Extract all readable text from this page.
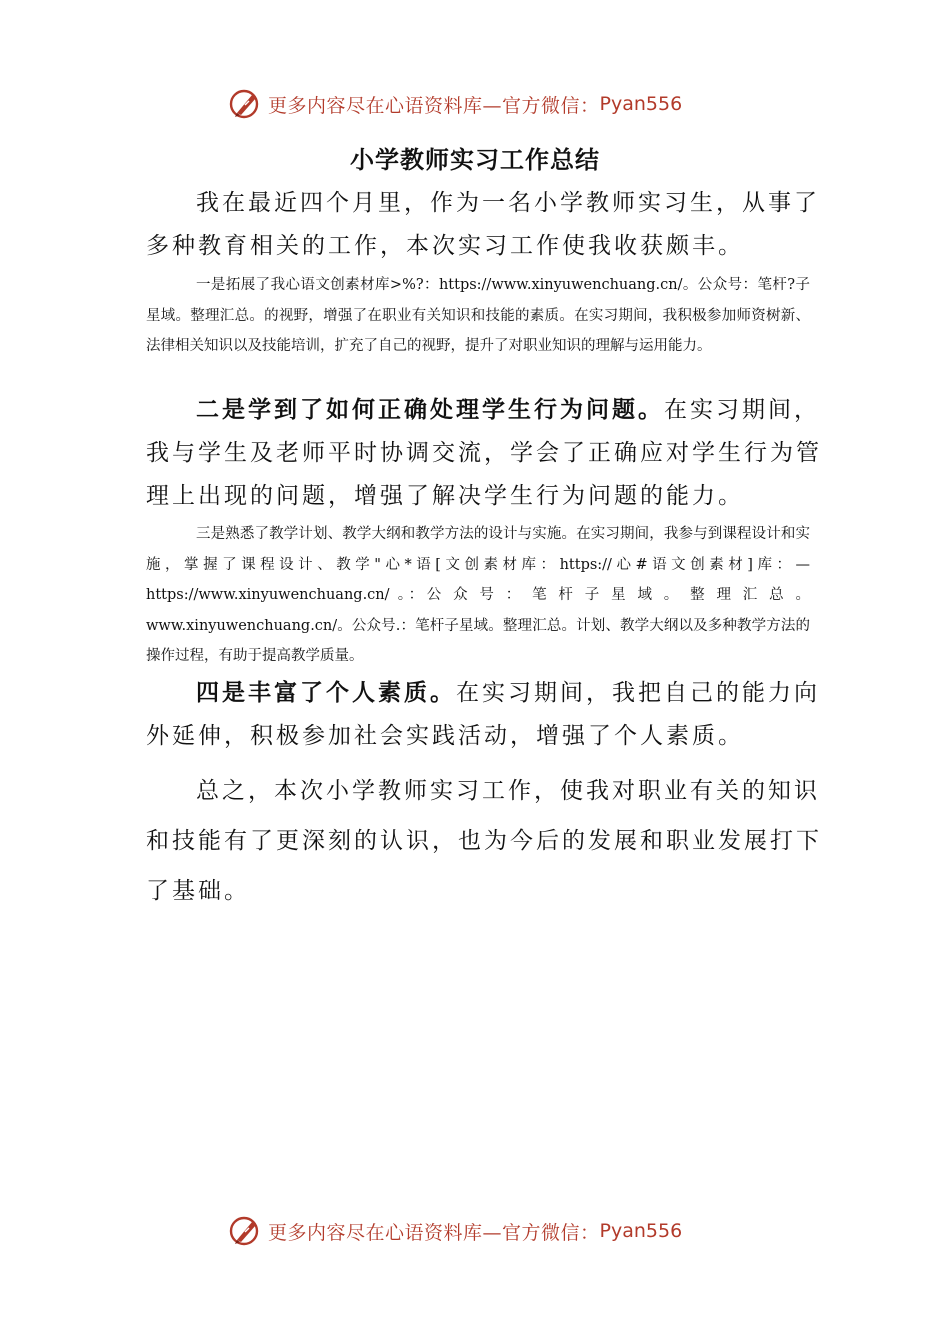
更多内容尽在心语资料库—官方微信： Pyan556
小学教师实习工作总结

我在最近四个月里，作为一名小学教师实习生，从事了多种教育相关的工作，本次实习工作使我收获颇丰。

一是拓展了我心语文创素材库>%?：https://www.xinyuwenchuang.cn/。公众号：笔杆?子星域。整理汇总。的视野，增强了在职业有关知识和技能的素质。在实习期间，我积极参加师资树新、法律相关知识以及技能培训，扩充了自己的视野，提升了对职业知识的理解与运用能力。

二是学到了如何正确处理学生行为问题。在实习期间，我与学生及老师平时协调交流，学会了正确应对学生行为管理上出现的问题，增强了解决学生行为问题的能力。

三是熟悉了教学计划、教学大纲和教学方法的设计与实施。在实习期间，我参与到课程设计和实施，掌握了课程设计、教学"心*语[文创素材库：https://心#语文创素材]库：— https://www.xinyuwenchuang.cn/ 。：公 众 号 ： 笔 杆 子 星 域 。 整 理 汇 总 。www.xinyuwenchuang.cn/。公众号.：笔杆子星域。整理汇总。计划、教学大纲以及多种教学方法的操作过程，有助于提高教学质量。

四是丰富了个人素质。在实习期间，我把自己的能力向外延伸，积极参加社会实践活动，增强了个人素质。

总之，本次小学教师实习工作，使我对职业有关的知识和技能有了更深刻的认识，也为今后的发展和职业发展打下了基础。

更多内容尽在心语资料库—官方微信： Pyan556
